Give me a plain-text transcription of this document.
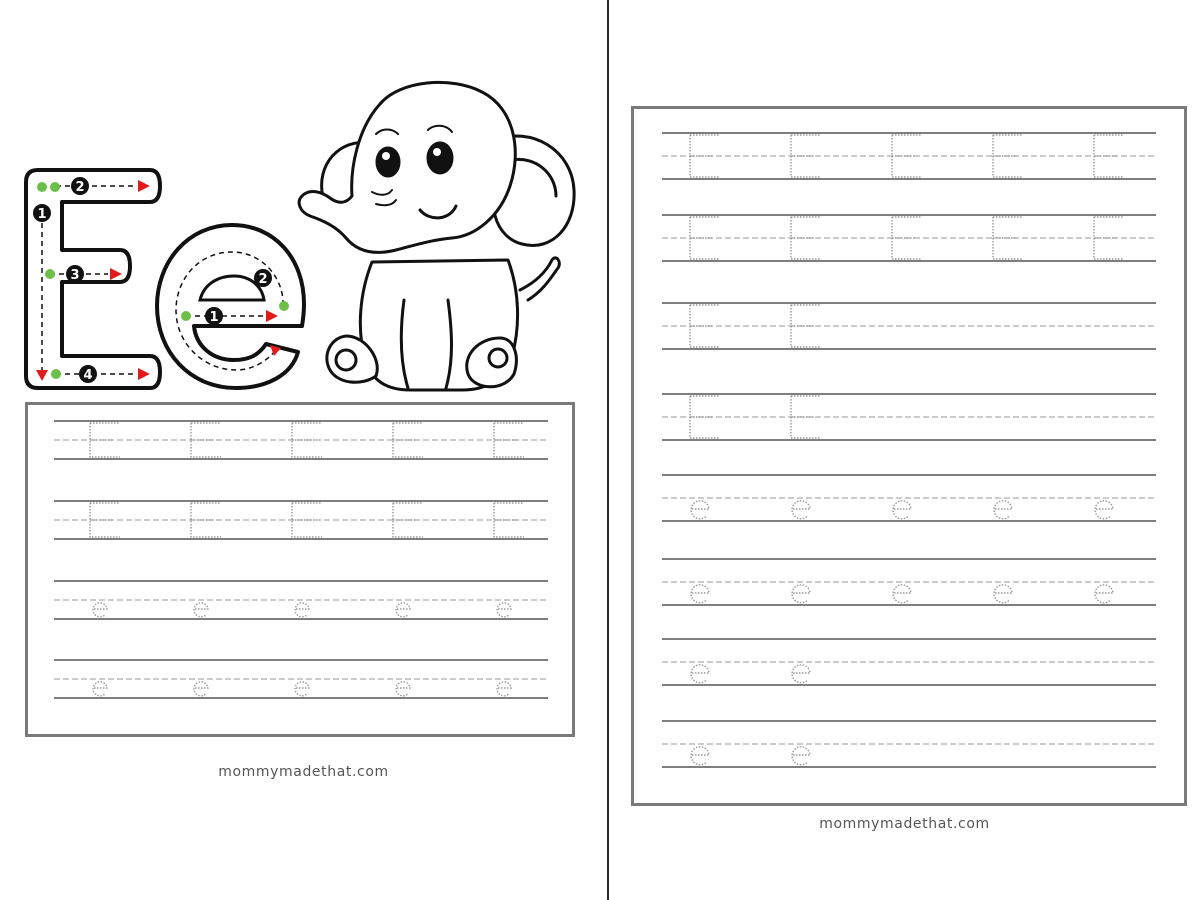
2
1
3
4
1
2
mommymadethat.com
mommymadethat.com
